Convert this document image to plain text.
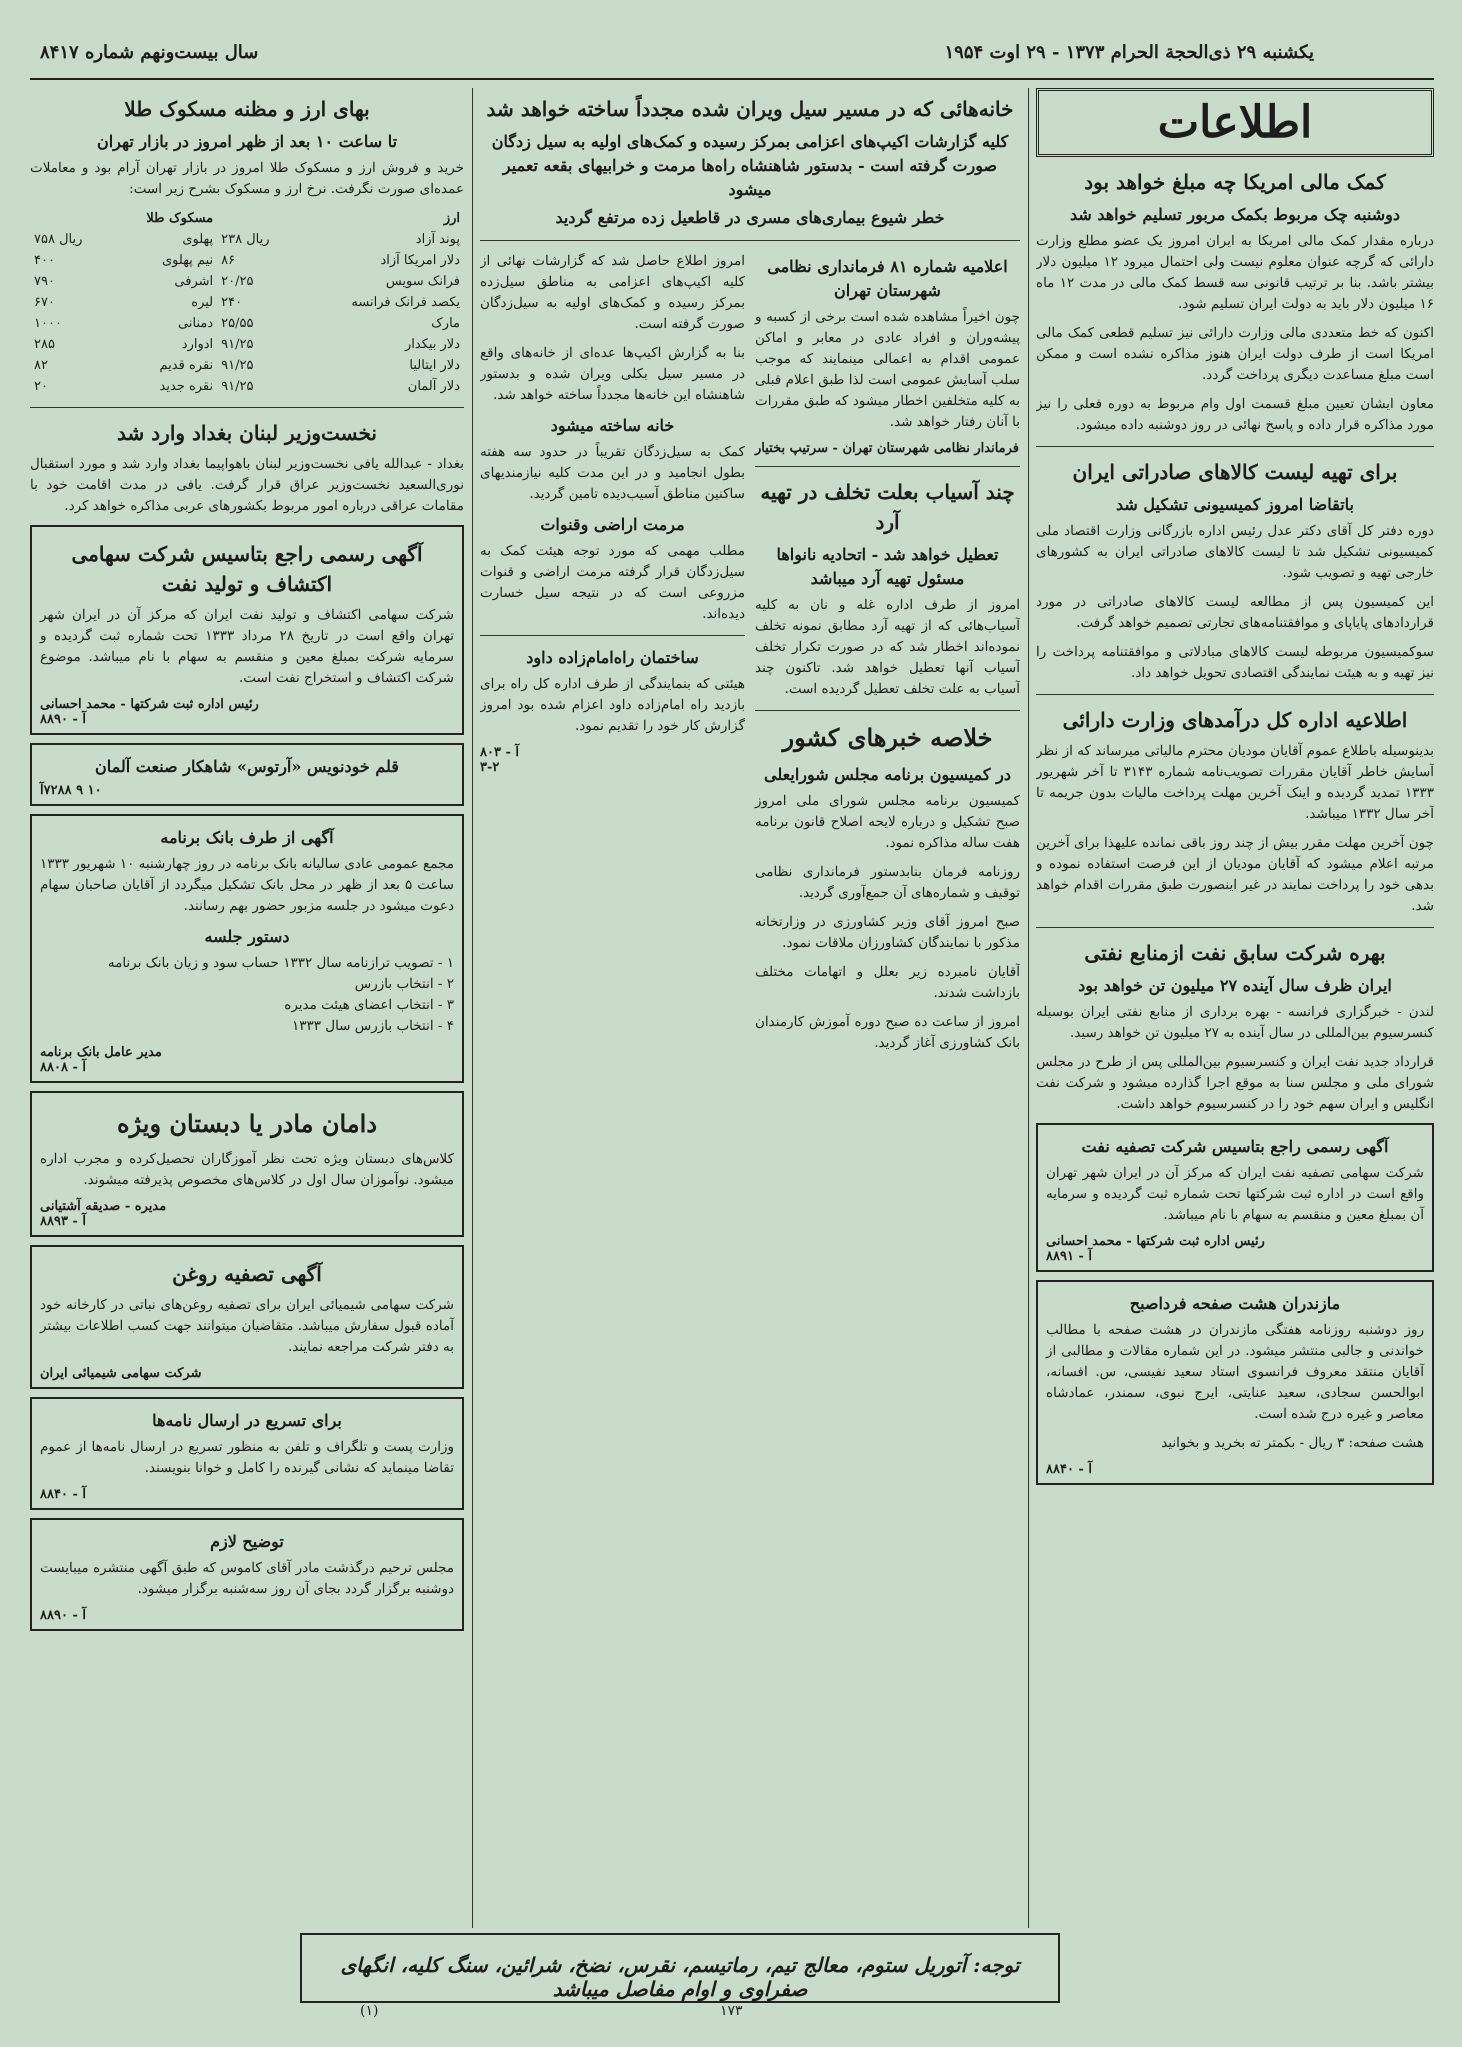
یکشنبه ۲۹ ذی‌الحجة الحرام ۱۳۷۳ - ۲۹ اوت ۱۹۵۴
سال بیست‌ونهم شماره ۸۴۱۷
اطلاعات
کمک مالی امریکا چه مبلغ خواهد بود
دوشنبه چک مربوط بکمک مربور تسلیم خواهد شد

درباره مقدار کمک مالی امریکا به ایران امروز یک عضو مطلع وزارت دارائی که گرچه عنوان معلوم نیست ولی احتمال میرود ۱۲ میلیون دلار بیشتر باشد. بنا بر ترتیب قانونی سه قسط کمک مالی در مدت ۱۲ ماه ۱۶ میلیون دلار باید به دولت ایران تسلیم شود.

اکنون که خط متعددی مالی وزارت دارائی نیز تسلیم قطعی کمک مالی امریکا است از طرف دولت ایران هنوز مذاکره نشده است و ممکن است مبلغ مساعدت دیگری پرداخت گردد.

معاون ایشان تعیین مبلغ قسمت اول وام مربوط به دوره فعلی را نیز مورد مذاکره قرار داده و پاسخ نهائی در روز دوشنبه داده میشود.

برای تهیه لیست کالاهای صادراتی ایران
باتقاضا امروز کمیسیونی تشکیل شد

دوره دفتر کل آقای دکتر عدل رئیس اداره بازرگانی وزارت اقتصاد ملی کمیسیونی تشکیل شد تا لیست کالاهای صادراتی ایران به کشورهای خارجی تهیه و تصویب شود.

این کمیسیون پس از مطالعه لیست کالاهای صادراتی در مورد قراردادهای پایاپای و موافقتنامه‌های تجارتی تصمیم خواهد گرفت.

سوکمیسیون مربوطه لیست کالاهای مبادلاتی و موافقتنامه پرداخت را نیز تهیه و به هیئت نمایندگی اقتصادی تحویل خواهد داد.

اطلاعیه اداره کل درآمدهای وزارت دارائی

بدینوسیله باطلاع عموم آقایان مودیان محترم مالیاتی میرساند که از نظر آسایش خاطر آقایان مقررات تصویب‌نامه شماره ۳۱۴۳ تا آخر شهریور ۱۳۳۳ تمدید گردیده و اینک آخرین مهلت پرداخت مالیات بدون جریمه تا آخر سال ۱۳۳۲ میباشد.

چون آخرین مهلت مقرر بیش از چند روز باقی نمانده علیهذا برای آخرین مرتبه اعلام میشود که آقایان مودیان از این فرصت استفاده نموده و بدهی خود را پرداخت نمایند در غیر اینصورت طبق مقررات اقدام خواهد شد.

بهره شرکت سابق نفت ازمنابع نفتی
ایران ظرف سال آینده ۲۷ میلیون تن خواهد بود

لندن - خبرگزاری فرانسه - بهره برداری از منابع نفتی ایران بوسیله کنسرسیوم بین‌المللی در سال آینده به ۲۷ میلیون تن خواهد رسید.

قرارداد جدید نفت ایران و کنسرسیوم بین‌المللی پس از طرح در مجلس شورای ملی و مجلس سنا به موقع اجرا گذارده میشود و شرکت نفت انگلیس و ایران سهم خود را در کنسرسیوم خواهد داشت.

آگهی رسمی راجع بتاسیس شرکت تصفیه نفت

شرکت سهامی تصفیه نفت ایران که مرکز آن در ایران شهر تهران واقع است در اداره ثبت شرکتها تحت شماره ثبت گردیده و سرمایه آن بمبلغ معین و منقسم به سهام با نام میباشد.

رئیس اداره ثبت شرکتها - محمد احسانی
آ - ۸۸۹۱
مازندران هشت صفحه فرداصبح

روز دوشنبه روزنامه هفتگی مازندران در هشت صفحه با مطالب خواندنی و جالبی منتشر میشود. در این شماره مقالات و مطالبی از آقایان منتقد معروف فرانسوی استاد سعید نفیسی، س. افسانه، ابوالحسن سجادی، سعید عنایتی، ایرج نبوی، سمندر، عمادشاه معاصر و غیره درج شده است.

هشت صفحه: ۳ ریال - بکمتر ته بخرید و بخوانید

آ - ۸۸۴۰
خانه‌هائی که در مسیر سیل ویران شده مجدداً ساخته خواهد شد
کلیه گزارشات اکیپ‌های اعزامی بمرکز رسیده و کمک‌های اولیه به سیل زدگان صورت گرفته است - بدستور شاهنشاه راه‌ها مرمت و خرابیهای بقعه تعمیر میشود
خطر شیوع بیماری‌های مسری در قاطعیل زده مرتفع گردید
اعلامیه شماره ۸۱ فرمانداری نظامی شهرستان تهران

چون اخیراً مشاهده شده است برخی از کسبه و پیشه‌وران و افراد عادی در معابر و اماکن عمومی اقدام به اعمالی مینمایند که موجب سلب آسایش عمومی است لذا طبق اعلام قبلی به کلیه متخلفین اخطار میشود که طبق مقررات با آنان رفتار خواهد شد.

فرماندار نظامی شهرستان تهران - سرتیپ بختیار
چند آسیاب بعلت تخلف در تهیه آرد
تعطیل خواهد شد - اتحادیه نانواها مسئول تهیه آرد میباشد

امروز از طرف اداره غله و نان به کلیه آسیاب‌هائی که از تهیه آرد مطابق نمونه تخلف نموده‌اند اخطار شد که در صورت تکرار تخلف آسیاب آنها تعطیل خواهد شد. تاکنون چند آسیاب به علت تخلف تعطیل گردیده است.

خلاصه خبرهای کشور
در کمیسیون برنامه مجلس شورایعلی

کمیسیون برنامه مجلس شورای ملی امروز صبح تشکیل و درباره لایحه اصلاح قانون برنامه هفت ساله مذاکره نمود.

روزنامه فرمان بنابدستور فرمانداری نظامی توقیف و شماره‌های آن جمع‌آوری گردید.

صبح امروز آقای وزیر کشاورزی در وزارتخانه مذکور با نمایندگان کشاورزان ملاقات نمود.

آقایان نامبرده زیر بعلل و اتهامات مختلف بازداشت شدند.

امروز از ساعت ده صبح دوره آموزش کارمندان بانک کشاورزی آغاز گردید.

امروز اطلاع حاصل شد که گزارشات نهائی از کلیه اکیپ‌های اعزامی به مناطق سیل‌زده بمرکز رسیده و کمک‌های اولیه به سیل‌زدگان صورت گرفته است.

بنا به گزارش اکیپ‌ها عده‌ای از خانه‌های واقع در مسیر سیل بکلی ویران شده و بدستور شاهنشاه این خانه‌ها مجدداً ساخته خواهد شد.

خانه ساخته میشود

کمک به سیل‌زدگان تقریباً در حدود سه هفته بطول انجامید و در این مدت کلیه نیازمندیهای ساکنین مناطق آسیب‌دیده تامین گردید.

مرمت اراضی وقنوات

مطلب مهمی که مورد توجه هیئت کمک به سیل‌زدگان قرار گرفته مرمت اراضی و قنوات مزروعی است که در نتیجه سیل خسارت دیده‌اند.

ساختمان راه‌امام‌زاده داود

هیئتی که بنمایندگی از طرف اداره کل راه برای بازدید راه امام‌زاده داود اعزام شده بود امروز گزارش کار خود را تقدیم نمود.

آ - ۸۰۳
۳-۲
بهای ارز و مظنه مسکوک طلا
تا ساعت ۱۰ بعد از ظهر امروز در بازار تهران

خرید و فروش ارز و مسکوک طلا امروز در بازار تهران آرام بود و معاملات عمده‌ای صورت نگرفت. نرخ ارز و مسکوک بشرح زیر است:

ارز		مسکوک طلا	
پوند آزاد	۲۳۸ ریال	پهلوی	۷۵۸ ریال
دلار امریکا آزاد	۸۶	نیم پهلوی	۴۰۰
فرانک سویس	۲۰/۲۵	اشرفی	۷۹۰
یکصد فرانک فرانسه	۲۴۰	لیره	۶۷۰
مارک	۲۵/۵۵	دمنانی	۱۰۰۰
دلار بیکدار	۹۱/۲۵	ادوارد	۲۸۵
دلار ایتالیا	۹۱/۲۵	نقره قدیم	۸۲
دلار آلمان	۹۱/۲۵	نقره جدید	۲۰
نخست‌وزیر لبنان بغداد وارد شد

بغداد - عبدالله یافی نخست‌وزیر لبنان باهواپیما بغداد وارد شد و مورد استقبال نوری‌السعید نخست‌وزیر عراق قرار گرفت. یافی در مدت اقامت خود با مقامات عراقی درباره امور مربوط بکشورهای عربی مذاکره خواهد کرد.

آگهی رسمی راجع بتاسیس شرکت سهامی اکتشاف و تولید نفت

شرکت سهامی اکتشاف و تولید نفت ایران که مرکز آن در ایران شهر تهران واقع است در تاریخ ۲۸ مرداد ۱۳۳۳ تحت شماره ثبت گردیده و سرمایه شرکت بمبلغ معین و منقسم به سهام با نام میباشد. موضوع شرکت اکتشاف و استخراج نفت است.

رئیس اداره ثبت شرکتها - محمد احسانی
آ - ۸۸۹۰
قلم خودنویس «آرتوس» شاهکار صنعت آلمان
۱۰ ۹ ۷۲۸۸آ
آگهی از طرف بانک برنامه

مجمع عمومی عادی سالیانه بانک برنامه در روز چهارشنبه ۱۰ شهریور ۱۳۳۳ ساعت ۵ بعد از ظهر در محل بانک تشکیل میگردد از آقایان صاحبان سهام دعوت میشود در جلسه مزبور حضور بهم رسانند.

دستور جلسه

۱ - تصویب ترازنامه سال ۱۳۳۲ حساب سود و زیان بانک برنامه

۲ - انتخاب بازرس

۳ - انتخاب اعضای هیئت مدیره

۴ - انتخاب بازرس سال ۱۳۳۳

مدیر عامل بانک برنامه
آ - ۸۸۰۸
دامان مادر یا دبستان ویژه

کلاس‌های دبستان ویژه تحت نظر آموزگاران تحصیل‌کرده و مجرب اداره میشود. نوآموزان سال اول در کلاس‌های مخصوص پذیرفته میشوند.

مدیره - صدیقه آشتیانی
آ - ۸۸۹۳
آگهی تصفیه روغن

شرکت سهامی شیمیائی ایران برای تصفیه روغن‌های نباتی در کارخانه خود آماده قبول سفارش میباشد. متقاضیان میتوانند جهت کسب اطلاعات بیشتر به دفتر شرکت مراجعه نمایند.

شرکت سهامی شیمیائی ایران
برای تسریع در ارسال نامه‌ها

وزارت پست و تلگراف و تلفن به منظور تسریع در ارسال نامه‌ها از عموم تقاضا مینماید که نشانی گیرنده را کامل و خوانا بنویسند.

آ - ۸۸۴۰
توضیح لازم

مجلس ترحیم درگذشت مادر آقای کاموس که طبق آگهی منتشره میبایست دوشنبه برگزار گردد بجای آن روز سه‌شنبه برگزار میشود.

آ - ۸۸۹۰
توجه: آتوریل ستوم، معالج تیم، رماتیسم، نقرس، نضخ، شرائین، سنگ کلیه، انگهای صفراوی و اوام مفاصل میباشد
(۱)	۱۷۳
